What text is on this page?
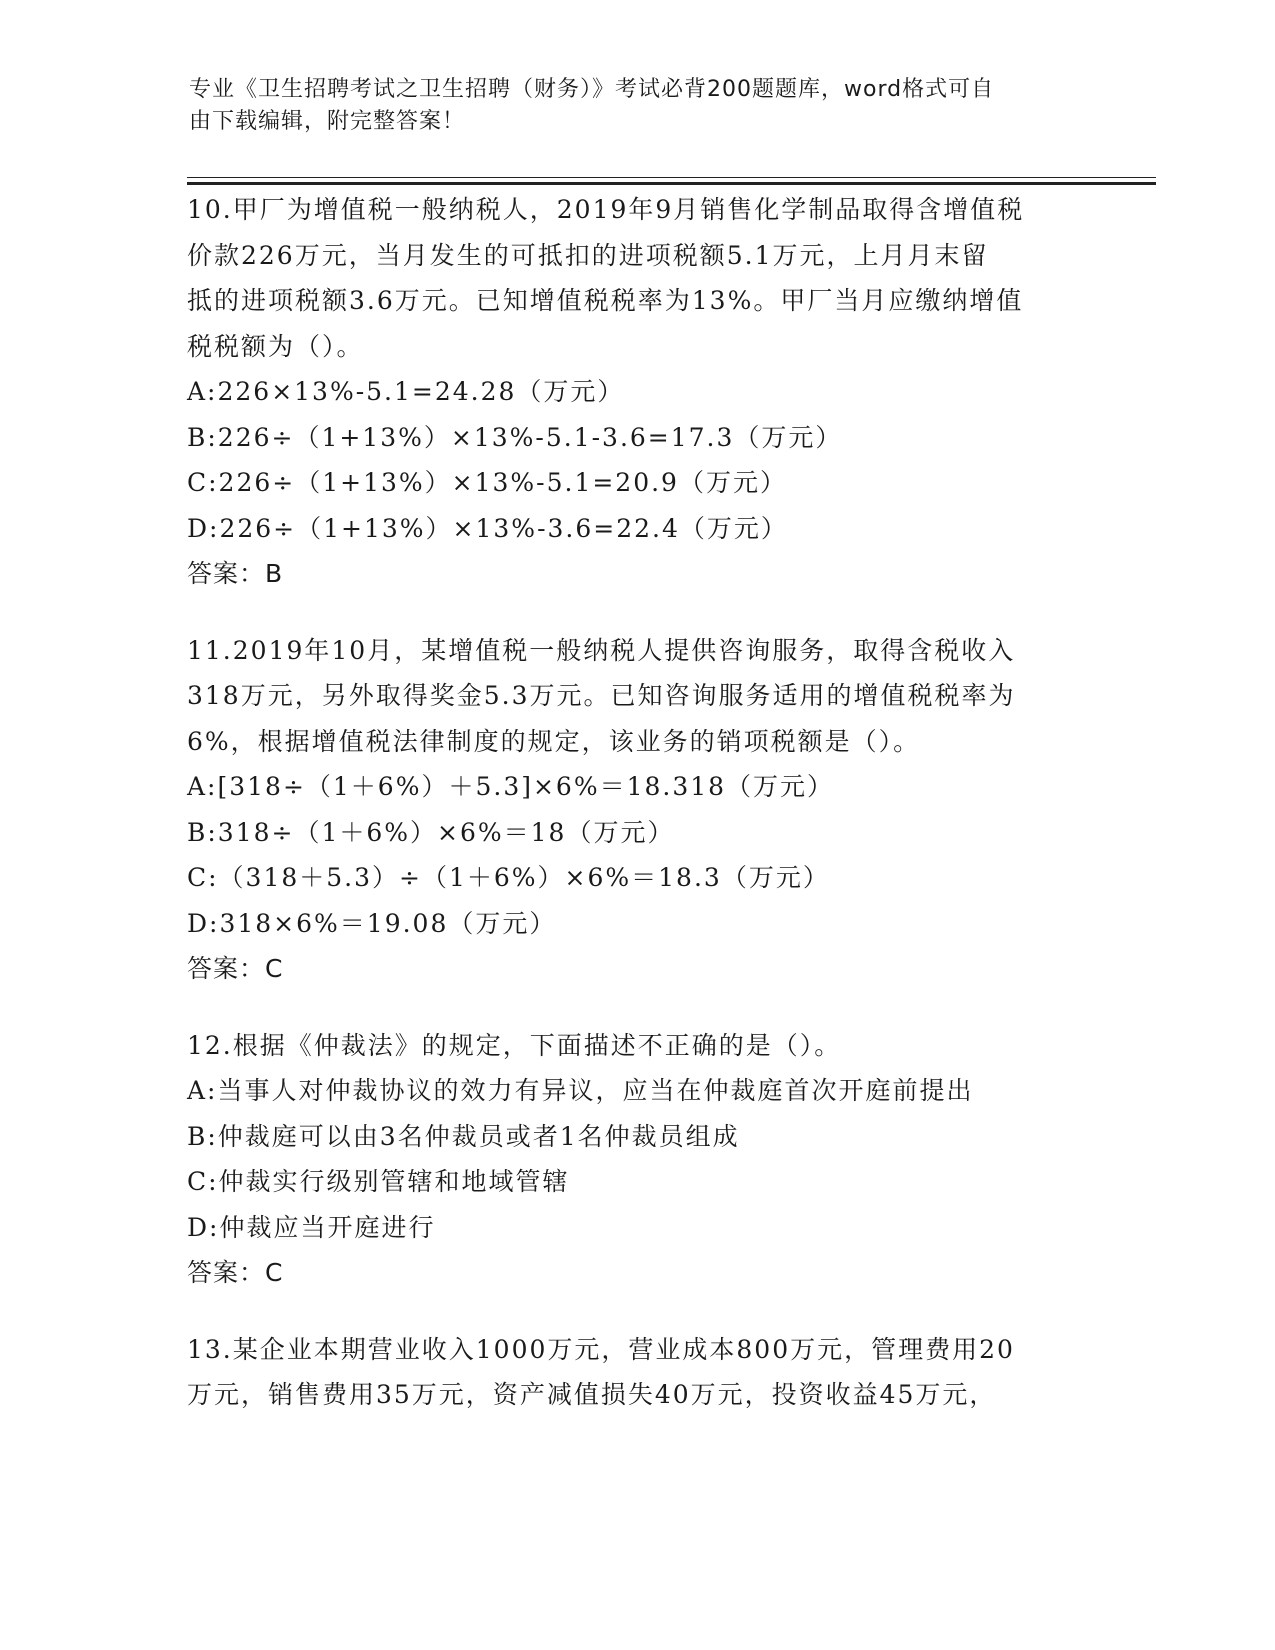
专业《卫生招聘考试之卫生招聘（财务）》考试必背200题题库，word格式可自
由下载编辑，附完整答案！
10.甲厂为增值税一般纳税人，2019年9月销售化学制品取得含增值税
价款226万元，当月发生的可抵扣的进项税额5.1万元，上月月末留
抵的进项税额3.6万元。已知增值税税率为13%。甲厂当月应缴纳增值
税税额为（）。
A:226×13%-5.1=24.28（万元）
B:226÷（1+13%）×13%-5.1-3.6=17.3（万元）
C:226÷（1+13%）×13%-5.1=20.9（万元）
D:226÷（1+13%）×13%-3.6=22.4（万元）
答案：B
11.2019年10月，某增值税一般纳税人提供咨询服务，取得含税收入
318万元，另外取得奖金5.3万元。已知咨询服务适用的增值税税率为
6%，根据增值税法律制度的规定，该业务的销项税额是（）。
A:[318÷（1＋6%）＋5.3]×6%＝18.318（万元）
B:318÷（1＋6%）×6%＝18（万元）
C:（318＋5.3）÷（1＋6%）×6%＝18.3（万元）
D:318×6%＝19.08（万元）
答案：C
12.根据《仲裁法》的规定，下面描述不正确的是（）。
A:当事人对仲裁协议的效力有异议，应当在仲裁庭首次开庭前提出
B:仲裁庭可以由3名仲裁员或者1名仲裁员组成
C:仲裁实行级别管辖和地域管辖
D:仲裁应当开庭进行
答案：C
13.某企业本期营业收入1000万元，营业成本800万元，管理费用20
万元，销售费用35万元，资产减值损失40万元，投资收益45万元，
